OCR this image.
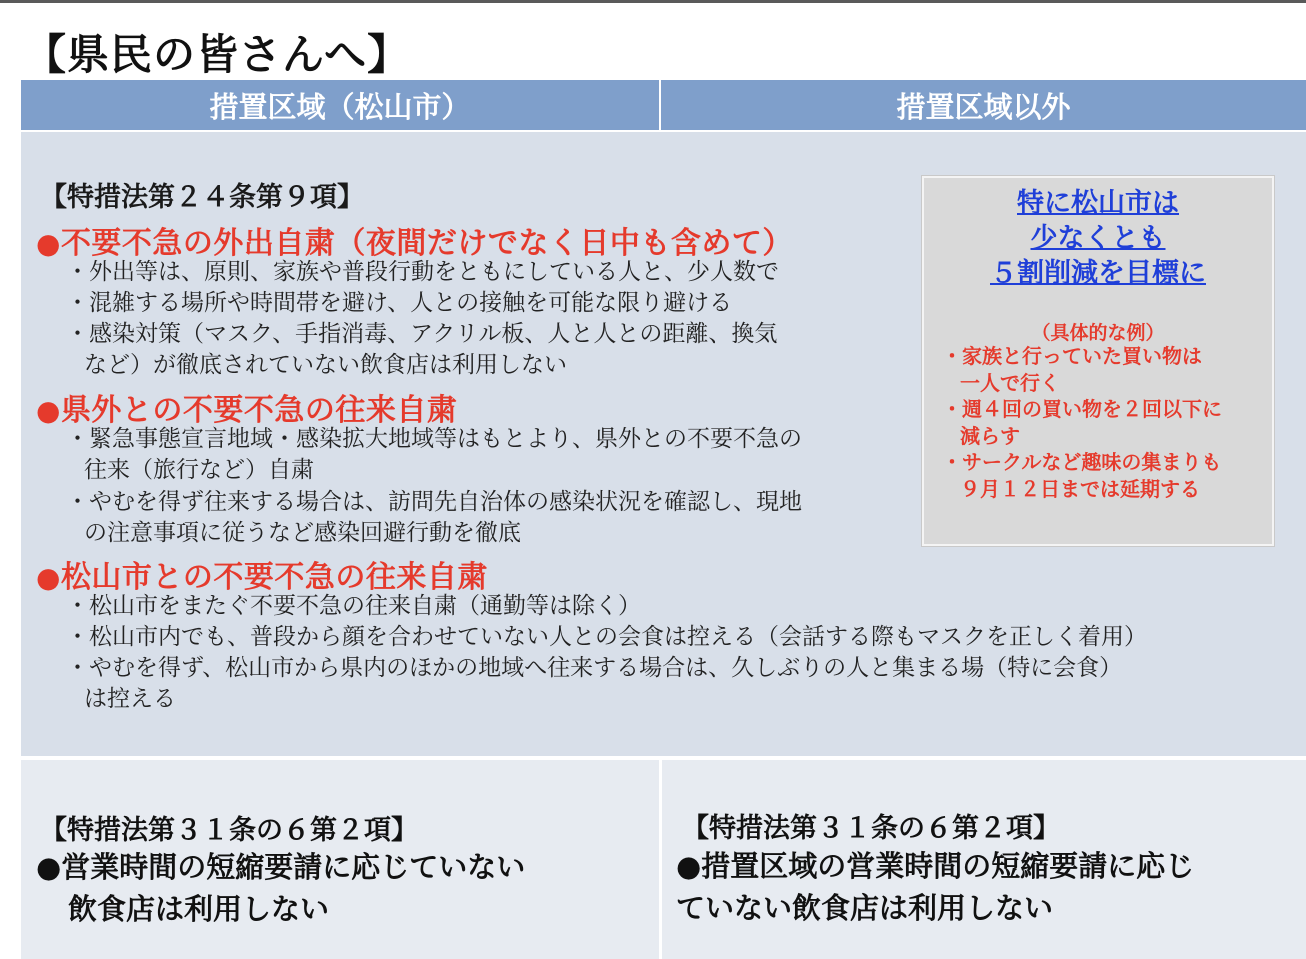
【県民の皆さんへ】
措置区域（松山市）	措置区域以外
【特措法第２４条第９項】
●不要不急の外出自粛（夜間だけでなく日中も含めて）
・外出等は、原則、家族や普段行動をともにしている人と、少人数で
・混雑する場所や時間帯を避け、人との接触を可能な限り避ける
・感染対策（マスク、手指消毒、アクリル板、人と人との距離、換気
など）が徹底されていない飲食店は利用しない
●県外との不要不急の往来自粛
・緊急事態宣言地域・感染拡大地域等はもとより、県外との不要不急の
往来（旅行など）自粛
・やむを得ず往来する場合は、訪問先自治体の感染状況を確認し、現地
の注意事項に従うなど感染回避行動を徹底
●松山市との不要不急の往来自粛
・松山市をまたぐ不要不急の往来自粛（通勤等は除く）
・松山市内でも、普段から顔を合わせていない人との会食は控える（会話する際もマスクを正しく着用）
・やむを得ず、松山市から県内のほかの地域へ往来する場合は、久しぶりの人と集まる場（特に会食）
は控える
特に松山市は
少なくとも
５割削減を目標に
（具体的な例）
・家族と行っていた買い物は
一人で行く
・週４回の買い物を２回以下に
減らす
・サークルなど趣味の集まりも
９月１２日までは延期する
【特措法第３１条の６第２項】
●営業時間の短縮要請に応じていない
飲食店は利用しない
【特措法第３１条の６第２項】
●措置区域の営業時間の短縮要請に応じ
ていない飲食店は利用しない
